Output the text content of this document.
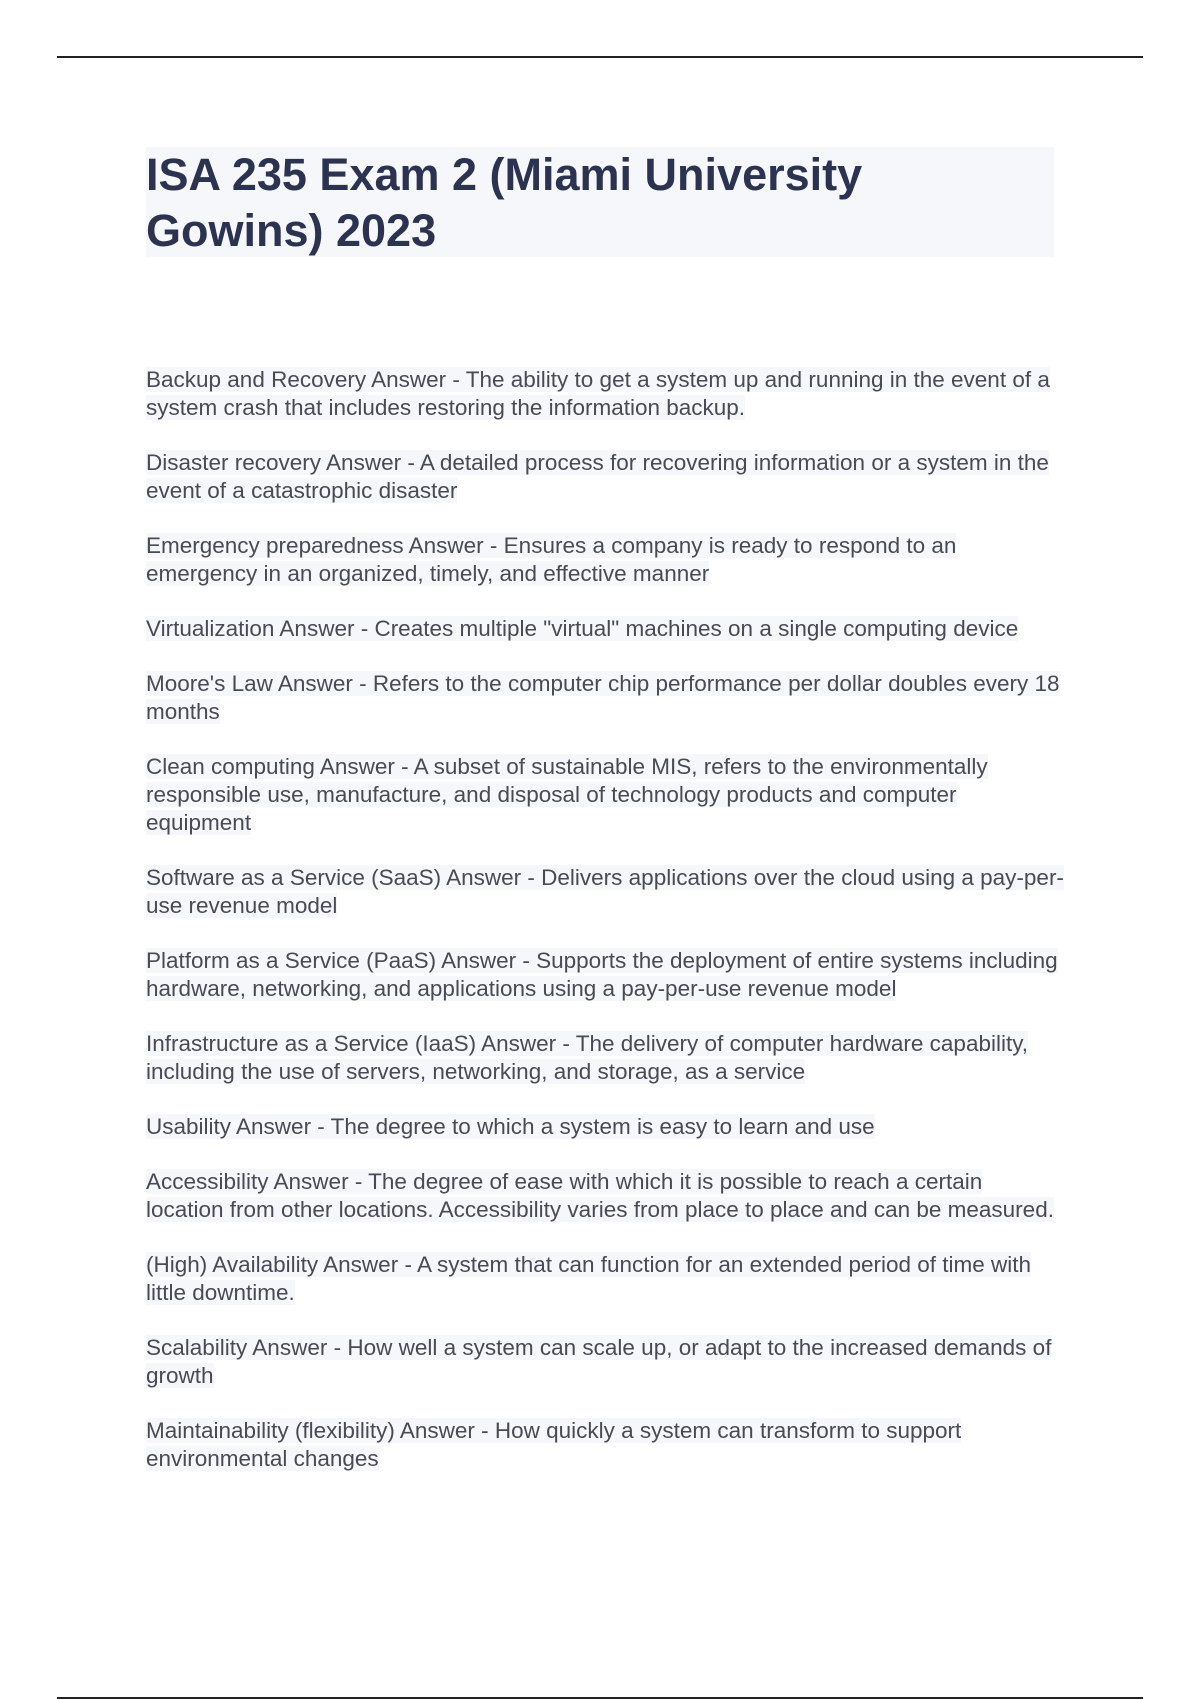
ISA 235 Exam 2 (Miami University
Gowins) 2023

Backup and Recovery Answer - The ability to get a system up and running in the event of a system crash that includes restoring the information backup.

Disaster recovery Answer - A detailed process for recovering information or a system in the event of a catastrophic disaster

Emergency preparedness Answer - Ensures a company is ready to respond to an emergency in an organized, timely, and effective manner

Virtualization Answer - Creates multiple "virtual" machines on a single computing device

Moore's Law Answer - Refers to the computer chip performance per dollar doubles every 18 months

Clean computing Answer - A subset of sustainable MIS, refers to the environmentally responsible use, manufacture, and disposal of technology products and computer equipment

Software as a Service (SaaS) Answer - Delivers applications over the cloud using a pay-per-use revenue model

Platform as a Service (PaaS) Answer - Supports the deployment of entire systems including hardware, networking, and applications using a pay-per-use revenue model

Infrastructure as a Service (IaaS) Answer - The delivery of computer hardware capability, including the use of servers, networking, and storage, as a service

Usability Answer - The degree to which a system is easy to learn and use

Accessibility Answer - The degree of ease with which it is possible to reach a certain location from other locations. Accessibility varies from place to place and can be measured.

(High) Availability Answer - A system that can function for an extended period of time with little downtime.

Scalability Answer - How well a system can scale up, or adapt to the increased demands of growth

Maintainability (flexibility) Answer - How quickly a system can transform to support environmental changes
